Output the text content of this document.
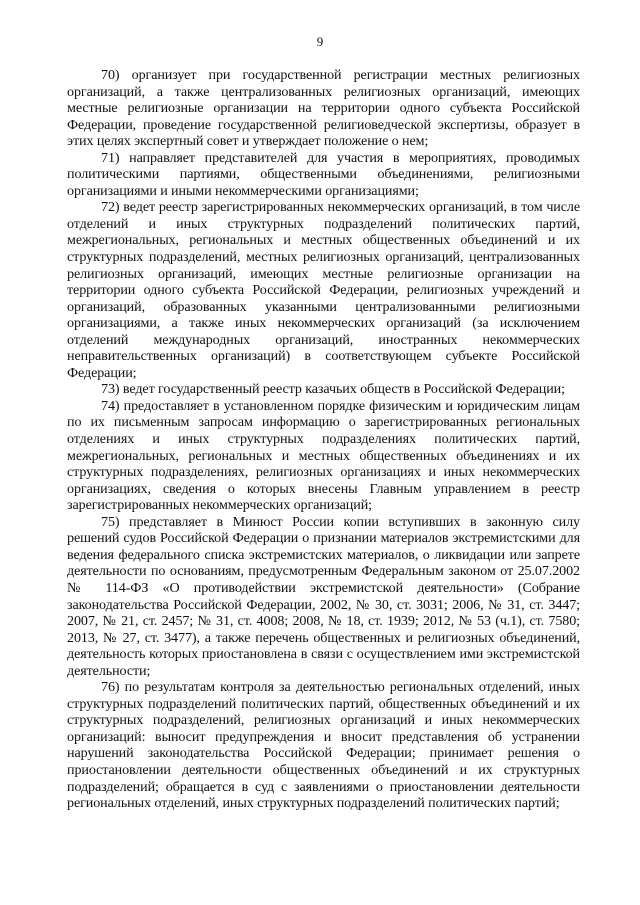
9

70) организует при государственной регистрации местных религиозных организаций, а также централизованных религиозных организаций, имеющих местные религиозные организации на территории одного субъекта Российской Федерации, проведение государственной религиоведческой экспертизы, образует в этих целях экспертный совет и утверждает положение о нем;

71) направляет представителей для участия в мероприятиях, проводимых политическими партиями, общественными объединениями, религиозными организациями и иными некоммерческими организациями;

72) ведет реестр зарегистрированных некоммерческих организаций, в том числе отделений и иных структурных подразделений политических партий, межрегиональных, региональных и местных общественных объединений и их структурных подразделений, местных религиозных организаций, централизованных религиозных организаций, имеющих местные религиозные организации на территории одного субъекта Российской Федерации, религиозных учреждений и организаций, образованных указанными централизованными религиозными организациями, а также иных некоммерческих организаций (за исключением отделений международных организаций, иностранных некоммерческих неправительственных организаций) в соответствующем субъекте Российской Федерации;

73) ведет государственный реестр казачьих обществ в Российской Федерации;

74) предоставляет в установленном порядке физическим и юридическим лицам по их письменным запросам информацию о зарегистрированных региональных отделениях и иных структурных подразделениях политических партий, межрегиональных, региональных и местных общественных объединениях и их структурных подразделениях, религиозных организациях и иных некоммерческих организациях, сведения о которых внесены Главным управлением в реестр зарегистрированных некоммерческих организаций;

75) представляет в Минюст России копии вступивших в законную силу решений судов Российской Федерации о признании материалов экстремистскими для ведения федерального списка экстремистских материалов, о ликвидации или запрете деятельности по основаниям, предусмотренным Федеральным законом от 25.07.2002 № 114-ФЗ «О противодействии экстремистской деятельности» (Собрание законодательства Российской Федерации, 2002, № 30, ст. 3031; 2006, № 31, ст. 3447; 2007, № 21, ст. 2457; № 31, ст. 4008; 2008, № 18, ст. 1939; 2012, № 53 (ч.1), ст. 7580; 2013, № 27, ст. 3477), а также перечень общественных и религиозных объединений, деятельность которых приостановлена в связи с осуществлением ими экстремистской деятельности;

76) по результатам контроля за деятельностью региональных отделений, иных структурных подразделений политических партий, общественных объединений и их структурных подразделений, религиозных организаций и иных некоммерческих организаций: выносит предупреждения и вносит представления об устранении нарушений законодательства Российской Федерации; принимает решения о приостановлении деятельности общественных объединений и их структурных подразделений; обращается в суд с заявлениями о приостановлении деятельности региональных отделений, иных структурных подразделений политических партий;
